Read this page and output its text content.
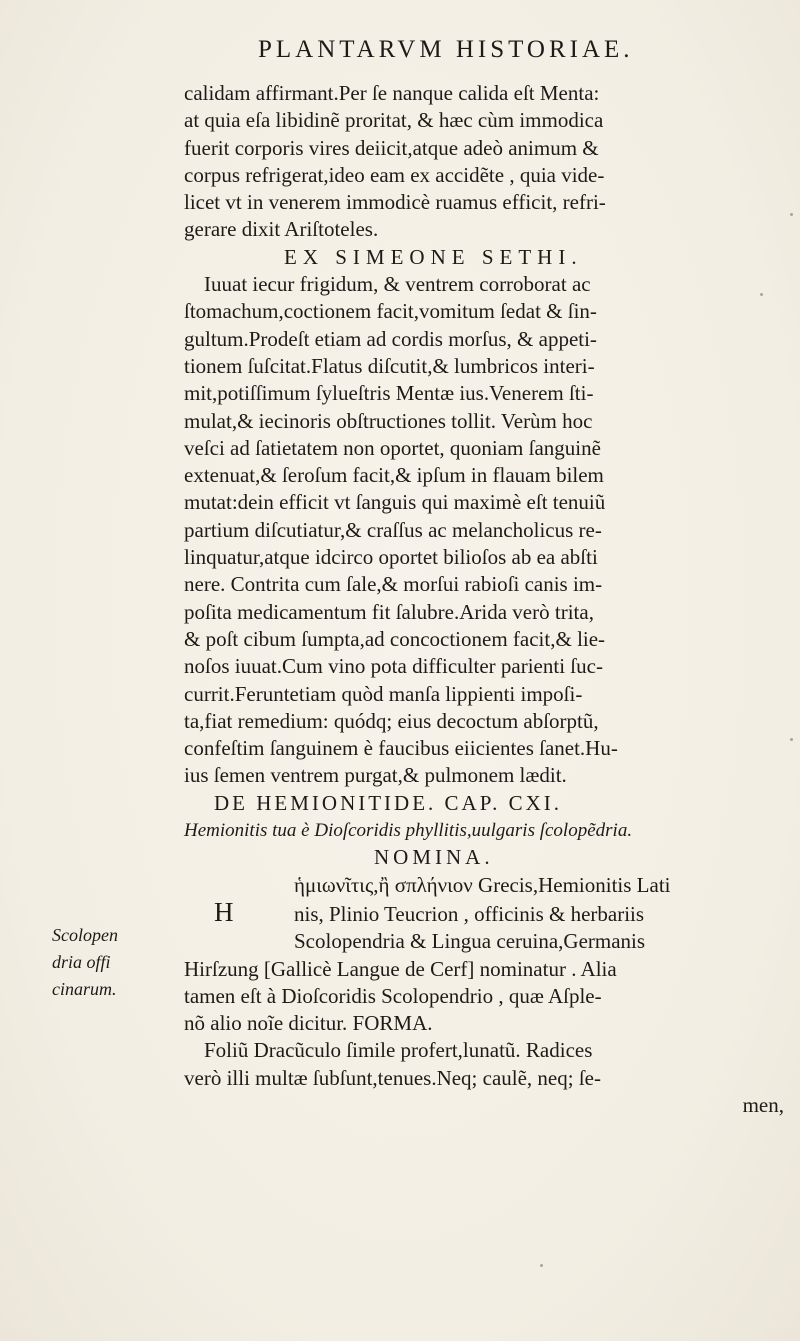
PLANTARVM HISTORIAE.
calidam affirmant.Per ſe nanque calida eſt Menta:
at quia eſa libidinẽ proritat, & hæc cùm immodica
fuerit corporis vires deiicit,atque adeò animum &
corpus refrigerat,ideo eam ex accidẽte , quia vide-
licet vt in venerem immodicè ruamus efficit, refri-
gerare dixit Ariſtoteles.
EX SIMEONE SETHI.
Iuuat iecur frigidum, & ventrem corroborat ac
ſtomachum,coctionem facit,vomitum ſedat & ſin-
gultum.Prodeſt etiam ad cordis morſus, & appeti-
tionem ſuſcitat.Flatus diſcutit,& lumbricos interi-
mit,potiſſimum ſylueſtris Mentæ ius.Venerem ſti-
mulat,& iecinoris obſtructiones tollit. Verùm hoc
veſci ad ſatietatem non oportet, quoniam ſanguinẽ
extenuat,& ſeroſum facit,& ipſum in flauam bilem
mutat:dein efficit vt ſanguis qui maximè eſt tenuiũ
partium diſcutiatur,& craſſus ac melancholicus re-
linquatur,atque idcirco oportet bilioſos ab ea abſti
nere. Contrita cum ſale,& morſui rabioſi canis im-
poſita medicamentum fit ſalubre.Arida verò trita,
& poſt cibum ſumpta,ad concoctionem facit,& lie-
noſos iuuat.Cum vino pota difficulter parienti ſuc-
currit.Feruntetiam quòd manſa lippienti impoſi-
ta,fiat remedium: quódq; eius decoctum abſorptũ,
confeſtim ſanguinem è faucibus eiicientes ſanet.Hu-
ius ſemen ventrem purgat,& pulmonem lædit.
DE HEMIONITIDE. CAP. CXI.
Hemionitis tua è Dioſcoridis phyllitis,uulgaris ſcolopẽdria.
NOMINA.
ἡμιωνῖτις,ἢ σπλήνιον Grecis,Hemionitis Lati
H	nis, Plinio Teucrion , officinis & herbariis
Scolopendria & Lingua ceruina,Germanis
Hirſzung [Gallicè Langue de Cerf] nominatur . Alia
tamen eſt à Dioſcoridis Scolopendrio , quæ Aſple-
nõ alio noĩe dicitur. FORMA.
Foliũ Dracũculo ſimile profert,lunatũ. Radices
verò illi multæ ſubſunt,tenues.Neq; caulẽ, neq; ſe-
men,
Scolopen
dria offi
cinarum.
